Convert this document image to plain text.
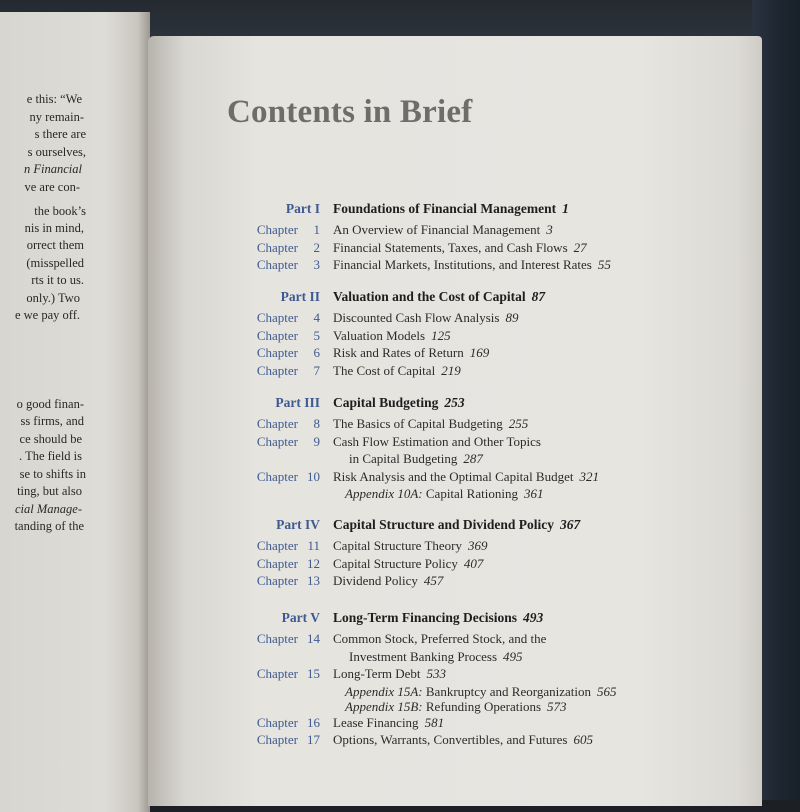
e this: “We
ny remain-
s there are
s ourselves,
n Financial
ve are con-
the book’s
nis in mind,
orrect them
(misspelled
rts it to us.
only.) Two
e we pay off.
o good finan-
ss firms, and
ce should be
. The field is
se to shifts in
ting, but also
cial Manage-
tanding of the
Contents in Brief
Part I Foundations of Financial Management 1
Chapter 1 An Overview of Financial Management 3
Chapter 2 Financial Statements, Taxes, and Cash Flows 27
Chapter 3 Financial Markets, Institutions, and Interest Rates 55
Part II Valuation and the Cost of Capital 87
Chapter 4 Discounted Cash Flow Analysis 89
Chapter 5 Valuation Models 125
Chapter 6 Risk and Rates of Return 169
Chapter 7 The Cost of Capital 219
Part III Capital Budgeting 253
Chapter 8 The Basics of Capital Budgeting 255
Chapter 9 Cash Flow Estimation and Other Topics
in Capital Budgeting 287
Chapter 10 Risk Analysis and the Optimal Capital Budget 321
Appendix 10A: Capital Rationing 361
Part IV Capital Structure and Dividend Policy 367
Chapter 11 Capital Structure Theory 369
Chapter 12 Capital Structure Policy 407
Chapter 13 Dividend Policy 457
Part V Long-Term Financing Decisions 493
Chapter 14 Common Stock, Preferred Stock, and the
Investment Banking Process 495
Chapter 15 Long-Term Debt 533
Appendix 15A: Bankruptcy and Reorganization 565
Appendix 15B: Refunding Operations 573
Chapter 16 Lease Financing 581
Chapter 17 Options, Warrants, Convertibles, and Futures 605
